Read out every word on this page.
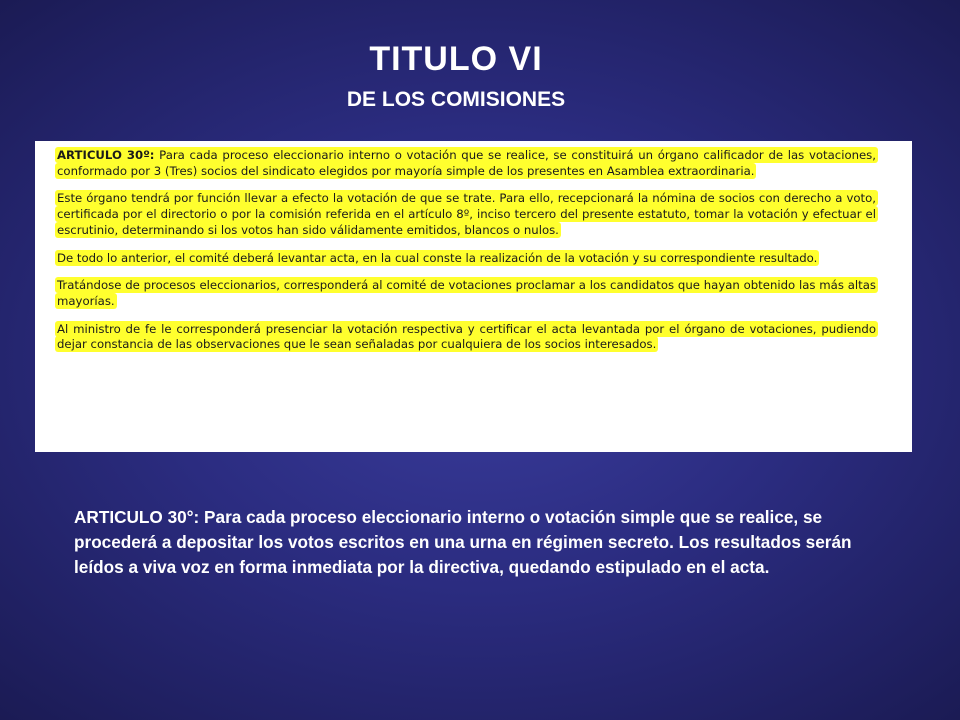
TITULO VI
DE LOS COMISIONES

ARTICULO 30º: Para cada proceso eleccionario interno o votación que se realice, se constituirá un órgano calificador de las votaciones, conformado por 3 (Tres) socios del sindicato elegidos por mayoría simple de los presentes en Asamblea extraordinaria.

Este órgano tendrá por función llevar a efecto la votación de que se trate. Para ello, recepcionará la nómina de socios con derecho a voto, certificada por el directorio o por la comisión referida en el artículo 8º, inciso tercero del presente estatuto, tomar la votación y efectuar el escrutinio, determinando si los votos han sido válidamente emitidos, blancos o nulos.

De todo lo anterior, el comité deberá levantar acta, en la cual conste la realización de la votación y su correspondiente resultado.

Tratándose de procesos eleccionarios, corresponderá al comité de votaciones proclamar a los candidatos que hayan obtenido las más altas mayorías.

Al ministro de fe le corresponderá presenciar la votación respectiva y certificar el acta levantada por el órgano de votaciones, pudiendo dejar constancia de las observaciones que le sean señaladas por cualquiera de los socios interesados.

ARTICULO 30°: Para cada proceso eleccionario interno o votación simple que se realice, se procederá a depositar los votos escritos en una urna en régimen secreto. Los resultados serán leídos a viva voz en forma inmediata por la directiva, quedando estipulado en el acta.
